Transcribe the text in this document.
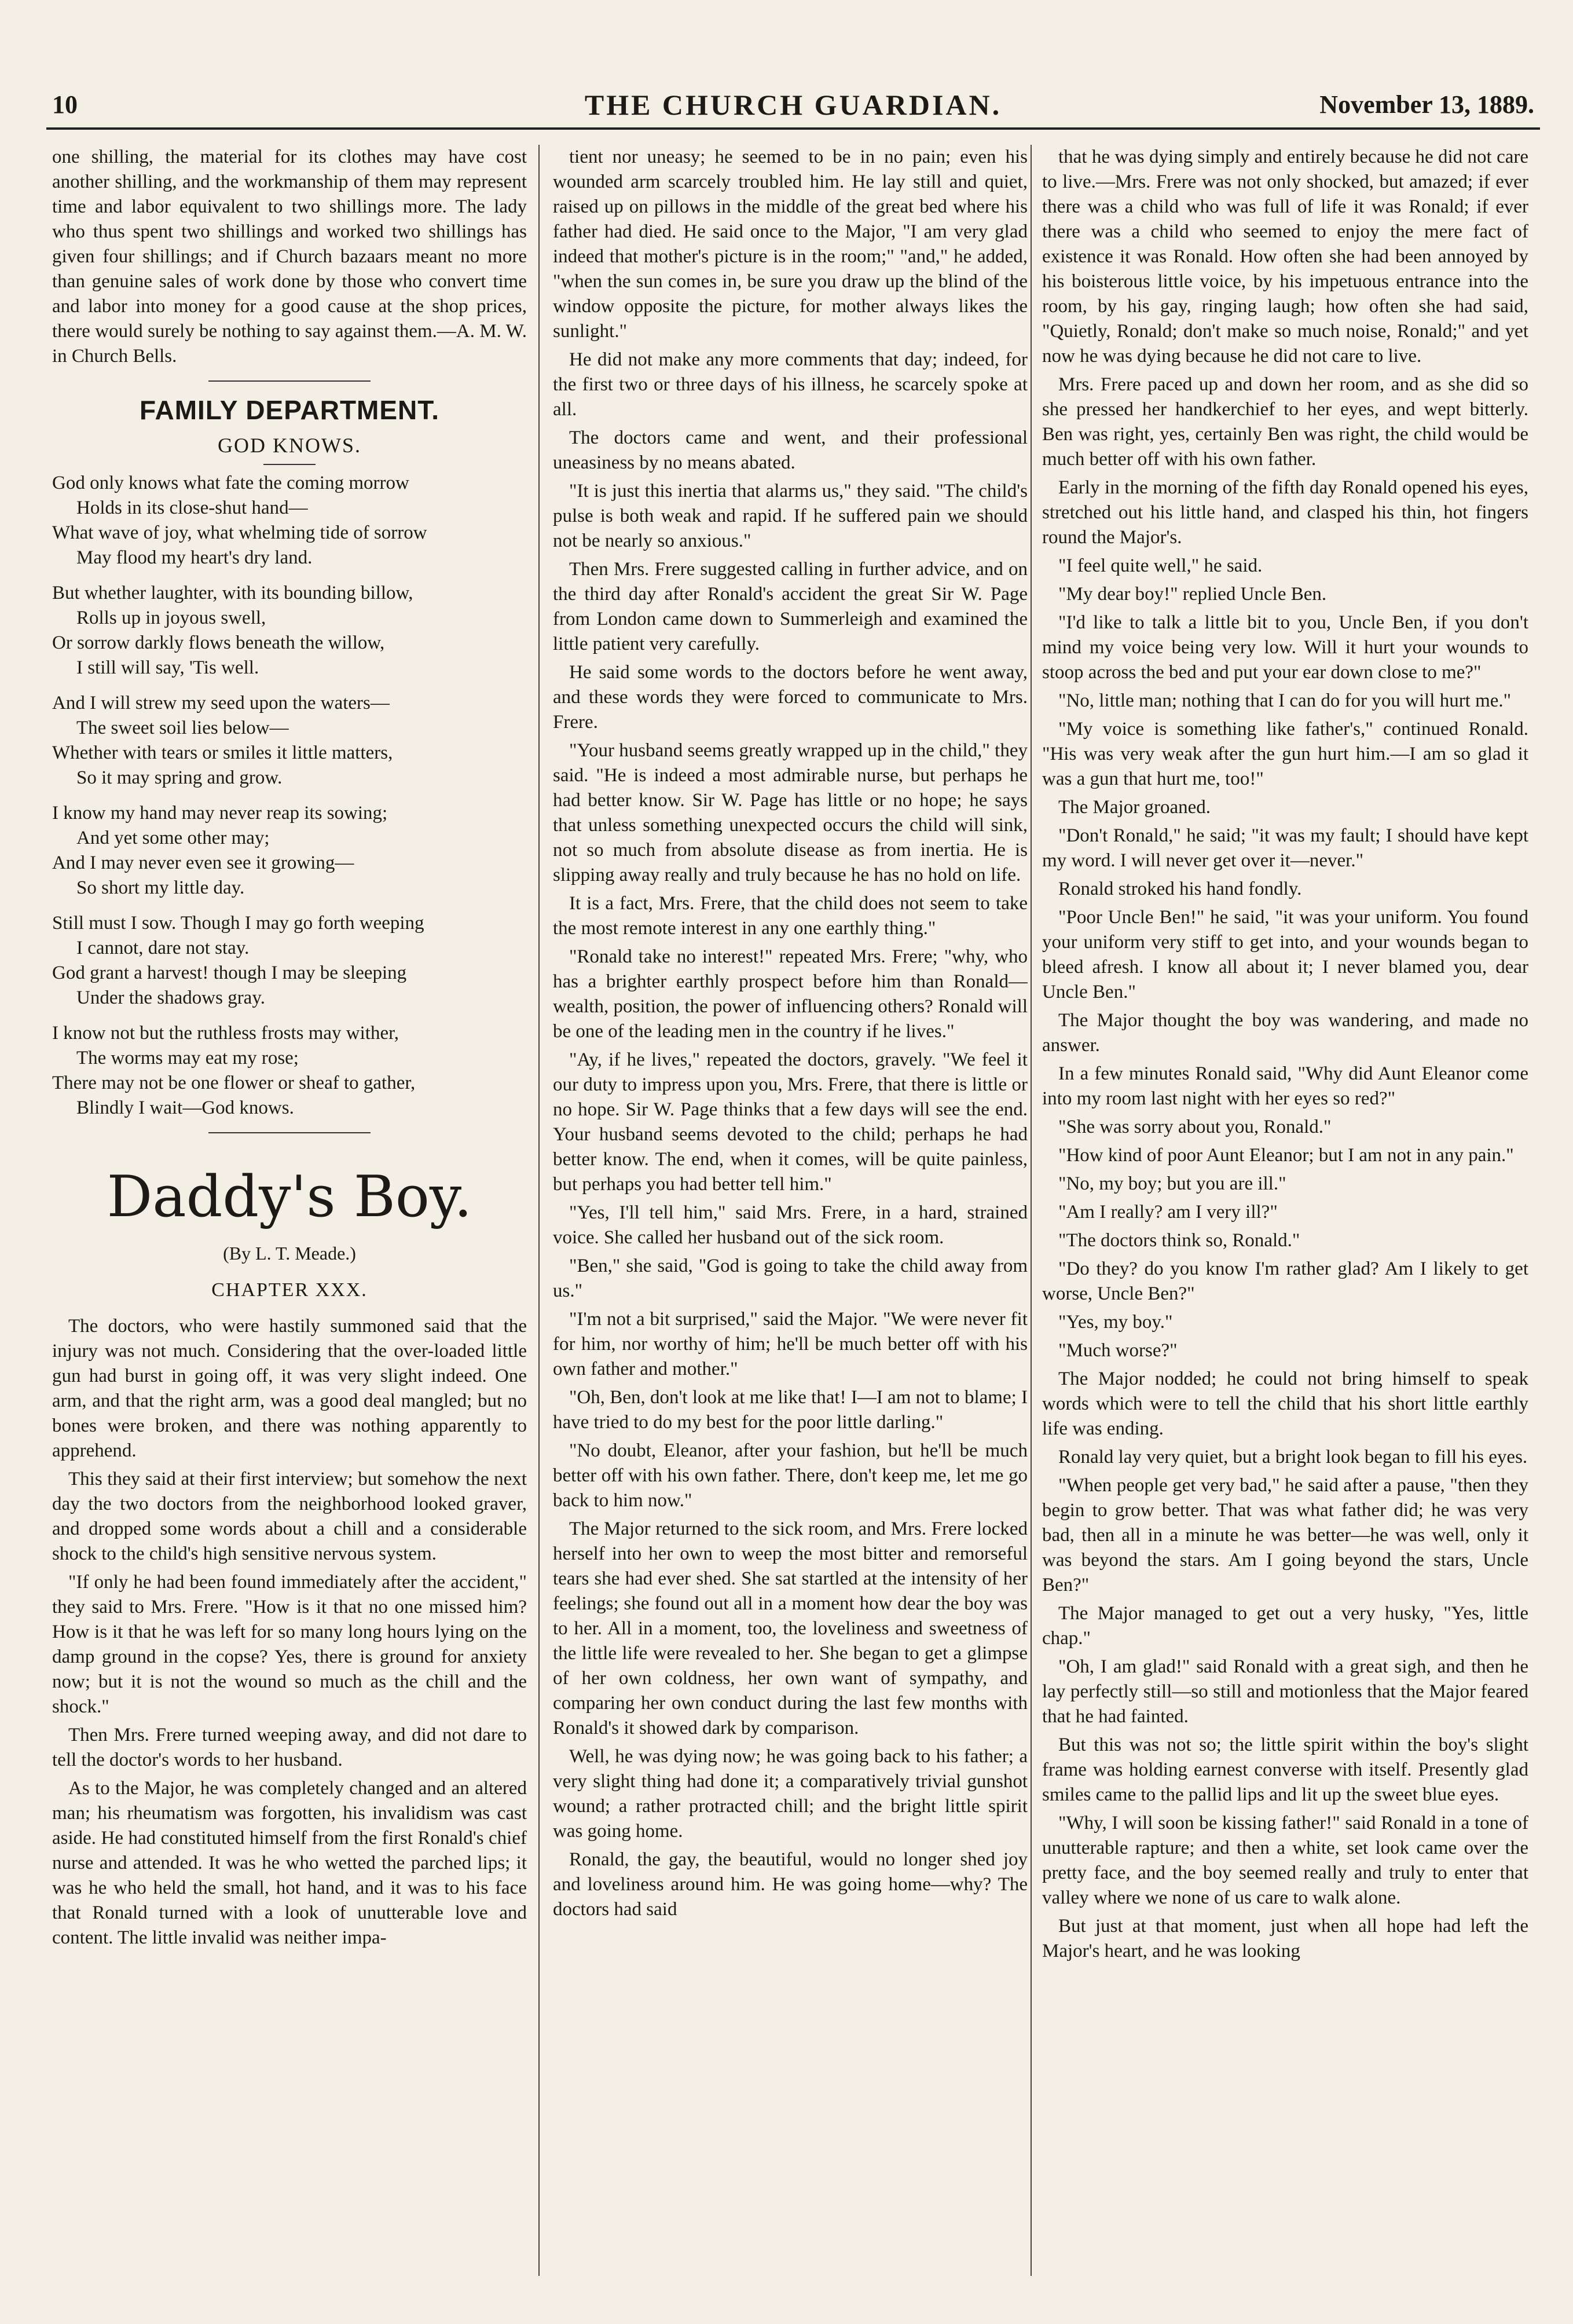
10	THE CHURCH GUARDIAN.	November 13, 1889.

one shilling, the material for its clothes may have cost another shilling, and the workmanship of them may represent time and labor equivalent to two shillings more. The lady who thus spent two shillings and worked two shillings has given four shillings; and if Church bazaars meant no more than genuine sales of work done by those who convert time and labor into money for a good cause at the shop prices, there would surely be nothing to say against them.—A. M. W. in Church Bells.

FAMILY DEPARTMENT.
GOD KNOWS.
God only knows what fate the coming morrow
Holds in its close-shut hand—
What wave of joy, what whelming tide of sorrow
May flood my heart's dry land.
But whether laughter, with its bounding billow,
Rolls up in joyous swell,
Or sorrow darkly flows beneath the willow,
I still will say, 'Tis well.
And I will strew my seed upon the waters—
The sweet soil lies below—
Whether with tears or smiles it little matters,
So it may spring and grow.
I know my hand may never reap its sowing;
And yet some other may;
And I may never even see it growing—
So short my little day.
Still must I sow. Though I may go forth weeping
I cannot, dare not stay.
God grant a harvest! though I may be sleeping
Under the shadows gray.
I know not but the ruthless frosts may wither,
The worms may eat my rose;
There may not be one flower or sheaf to gather,
Blindly I wait—God knows.
Daddy's Boy.
(By L. T. Meade.)
CHAPTER XXX.

The doctors, who were hastily summoned said that the injury was not much. Considering that the over-loaded little gun had burst in going off, it was very slight indeed. One arm, and that the right arm, was a good deal mangled; but no bones were broken, and there was nothing apparently to apprehend.

This they said at their first interview; but somehow the next day the two doctors from the neighborhood looked graver, and dropped some words about a chill and a considerable shock to the child's high sensitive nervous system.

"If only he had been found immediately after the accident," they said to Mrs. Frere. "How is it that no one missed him? How is it that he was left for so many long hours lying on the damp ground in the copse? Yes, there is ground for anxiety now; but it is not the wound so much as the chill and the shock."

Then Mrs. Frere turned weeping away, and did not dare to tell the doctor's words to her husband.

As to the Major, he was completely changed and an altered man; his rheumatism was forgotten, his invalidism was cast aside. He had constituted himself from the first Ronald's chief nurse and attended. It was he who wetted the parched lips; it was he who held the small, hot hand, and it was to his face that Ronald turned with a look of unutterable love and content. The little invalid was neither impa-

tient nor uneasy; he seemed to be in no pain; even his wounded arm scarcely troubled him. He lay still and quiet, raised up on pillows in the middle of the great bed where his father had died. He said once to the Major, "I am very glad indeed that mother's picture is in the room;" "and," he added, "when the sun comes in, be sure you draw up the blind of the window opposite the picture, for mother always likes the sunlight."

He did not make any more comments that day; indeed, for the first two or three days of his illness, he scarcely spoke at all.

The doctors came and went, and their professional uneasiness by no means abated.

"It is just this inertia that alarms us," they said. "The child's pulse is both weak and rapid. If he suffered pain we should not be nearly so anxious."

Then Mrs. Frere suggested calling in further advice, and on the third day after Ronald's accident the great Sir W. Page from London came down to Summerleigh and examined the little patient very carefully.

He said some words to the doctors before he went away, and these words they were forced to communicate to Mrs. Frere.

"Your husband seems greatly wrapped up in the child," they said. "He is indeed a most admirable nurse, but perhaps he had better know. Sir W. Page has little or no hope; he says that unless something unexpected occurs the child will sink, not so much from absolute disease as from inertia. He is slipping away really and truly because he has no hold on life.

It is a fact, Mrs. Frere, that the child does not seem to take the most remote interest in any one earthly thing."

"Ronald take no interest!" repeated Mrs. Frere; "why, who has a brighter earthly prospect before him than Ronald—wealth, position, the power of influencing others? Ronald will be one of the leading men in the country if he lives."

"Ay, if he lives," repeated the doctors, gravely. "We feel it our duty to impress upon you, Mrs. Frere, that there is little or no hope. Sir W. Page thinks that a few days will see the end. Your husband seems devoted to the child; perhaps he had better know. The end, when it comes, will be quite painless, but perhaps you had better tell him."

"Yes, I'll tell him," said Mrs. Frere, in a hard, strained voice. She called her husband out of the sick room.

"Ben," she said, "God is going to take the child away from us."

"I'm not a bit surprised," said the Major. "We were never fit for him, nor worthy of him; he'll be much better off with his own father and mother."

"Oh, Ben, don't look at me like that! I—I am not to blame; I have tried to do my best for the poor little darling."

"No doubt, Eleanor, after your fashion, but he'll be much better off with his own father. There, don't keep me, let me go back to him now."

The Major returned to the sick room, and Mrs. Frere locked herself into her own to weep the most bitter and remorseful tears she had ever shed. She sat startled at the intensity of her feelings; she found out all in a moment how dear the boy was to her. All in a moment, too, the loveliness and sweetness of the little life were revealed to her. She began to get a glimpse of her own coldness, her own want of sympathy, and comparing her own conduct during the last few months with Ronald's it showed dark by comparison.

Well, he was dying now; he was going back to his father; a very slight thing had done it; a comparatively trivial gunshot wound; a rather protracted chill; and the bright little spirit was going home.

Ronald, the gay, the beautiful, would no longer shed joy and loveliness around him. He was going home—why? The doctors had said

that he was dying simply and entirely because he did not care to live.—Mrs. Frere was not only shocked, but amazed; if ever there was a child who was full of life it was Ronald; if ever there was a child who seemed to enjoy the mere fact of existence it was Ronald. How often she had been annoyed by his boisterous little voice, by his impetuous entrance into the room, by his gay, ringing laugh; how often she had said, "Quietly, Ronald; don't make so much noise, Ronald;" and yet now he was dying because he did not care to live.

Mrs. Frere paced up and down her room, and as she did so she pressed her handkerchief to her eyes, and wept bitterly. Ben was right, yes, certainly Ben was right, the child would be much better off with his own father.

Early in the morning of the fifth day Ronald opened his eyes, stretched out his little hand, and clasped his thin, hot fingers round the Major's.

"I feel quite well," he said.

"My dear boy!" replied Uncle Ben.

"I'd like to talk a little bit to you, Uncle Ben, if you don't mind my voice being very low. Will it hurt your wounds to stoop across the bed and put your ear down close to me?"

"No, little man; nothing that I can do for you will hurt me."

"My voice is something like father's," continued Ronald. "His was very weak after the gun hurt him.—I am so glad it was a gun that hurt me, too!"

The Major groaned.

"Don't Ronald," he said; "it was my fault; I should have kept my word. I will never get over it—never."

Ronald stroked his hand fondly.

"Poor Uncle Ben!" he said, "it was your uniform. You found your uniform very stiff to get into, and your wounds began to bleed afresh. I know all about it; I never blamed you, dear Uncle Ben."

The Major thought the boy was wandering, and made no answer.

In a few minutes Ronald said, "Why did Aunt Eleanor come into my room last night with her eyes so red?"

"She was sorry about you, Ronald."

"How kind of poor Aunt Eleanor; but I am not in any pain."

"No, my boy; but you are ill."

"Am I really? am I very ill?"

"The doctors think so, Ronald."

"Do they? do you know I'm rather glad? Am I likely to get worse, Uncle Ben?"

"Yes, my boy."

"Much worse?"

The Major nodded; he could not bring himself to speak words which were to tell the child that his short little earthly life was ending.

Ronald lay very quiet, but a bright look began to fill his eyes.

"When people get very bad," he said after a pause, "then they begin to grow better. That was what father did; he was very bad, then all in a minute he was better—he was well, only it was beyond the stars. Am I going beyond the stars, Uncle Ben?"

The Major managed to get out a very husky, "Yes, little chap."

"Oh, I am glad!" said Ronald with a great sigh, and then he lay perfectly still—so still and motionless that the Major feared that he had fainted.

But this was not so; the little spirit within the boy's slight frame was holding earnest converse with itself. Presently glad smiles came to the pallid lips and lit up the sweet blue eyes.

"Why, I will soon be kissing father!" said Ronald in a tone of unutterable rapture; and then a white, set look came over the pretty face, and the boy seemed really and truly to enter that valley where we none of us care to walk alone.

But just at that moment, just when all hope had left the Major's heart, and he was looking
